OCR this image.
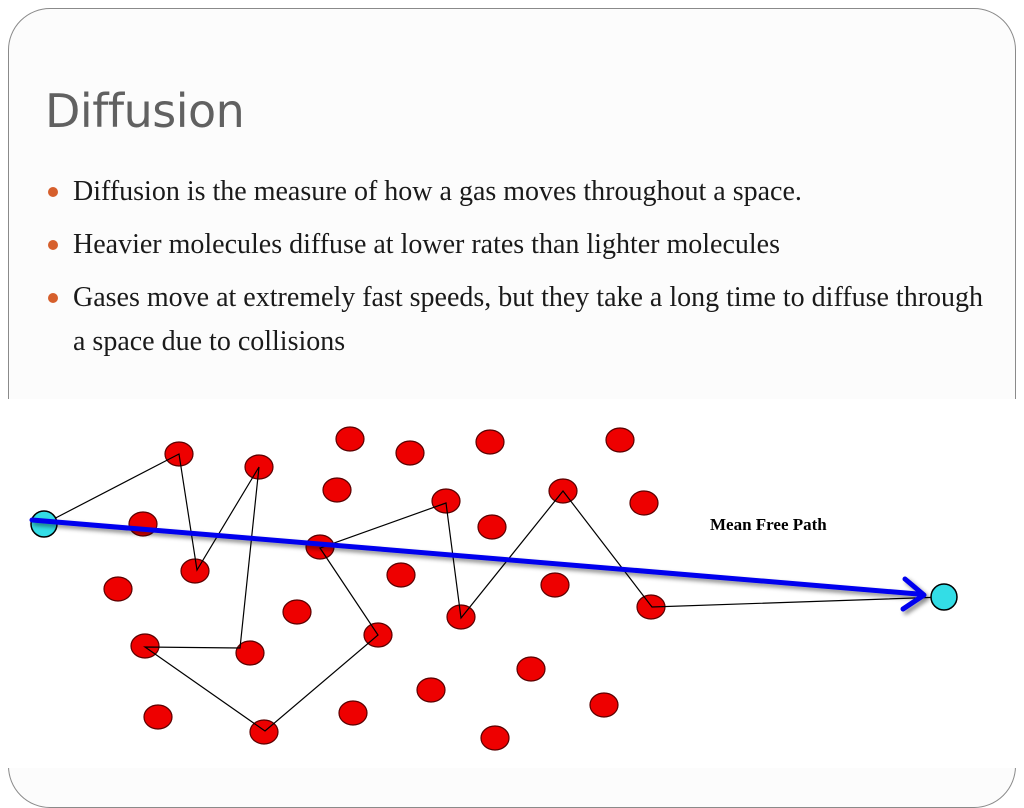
Diffusion
Diffusion is the measure of how a gas moves throughout a space.
Heavier molecules diffuse at lower rates than lighter molecules
Gases move at extremely fast speeds, but they take a long time to diffuse through a space due to collisions
Mean Free Path
